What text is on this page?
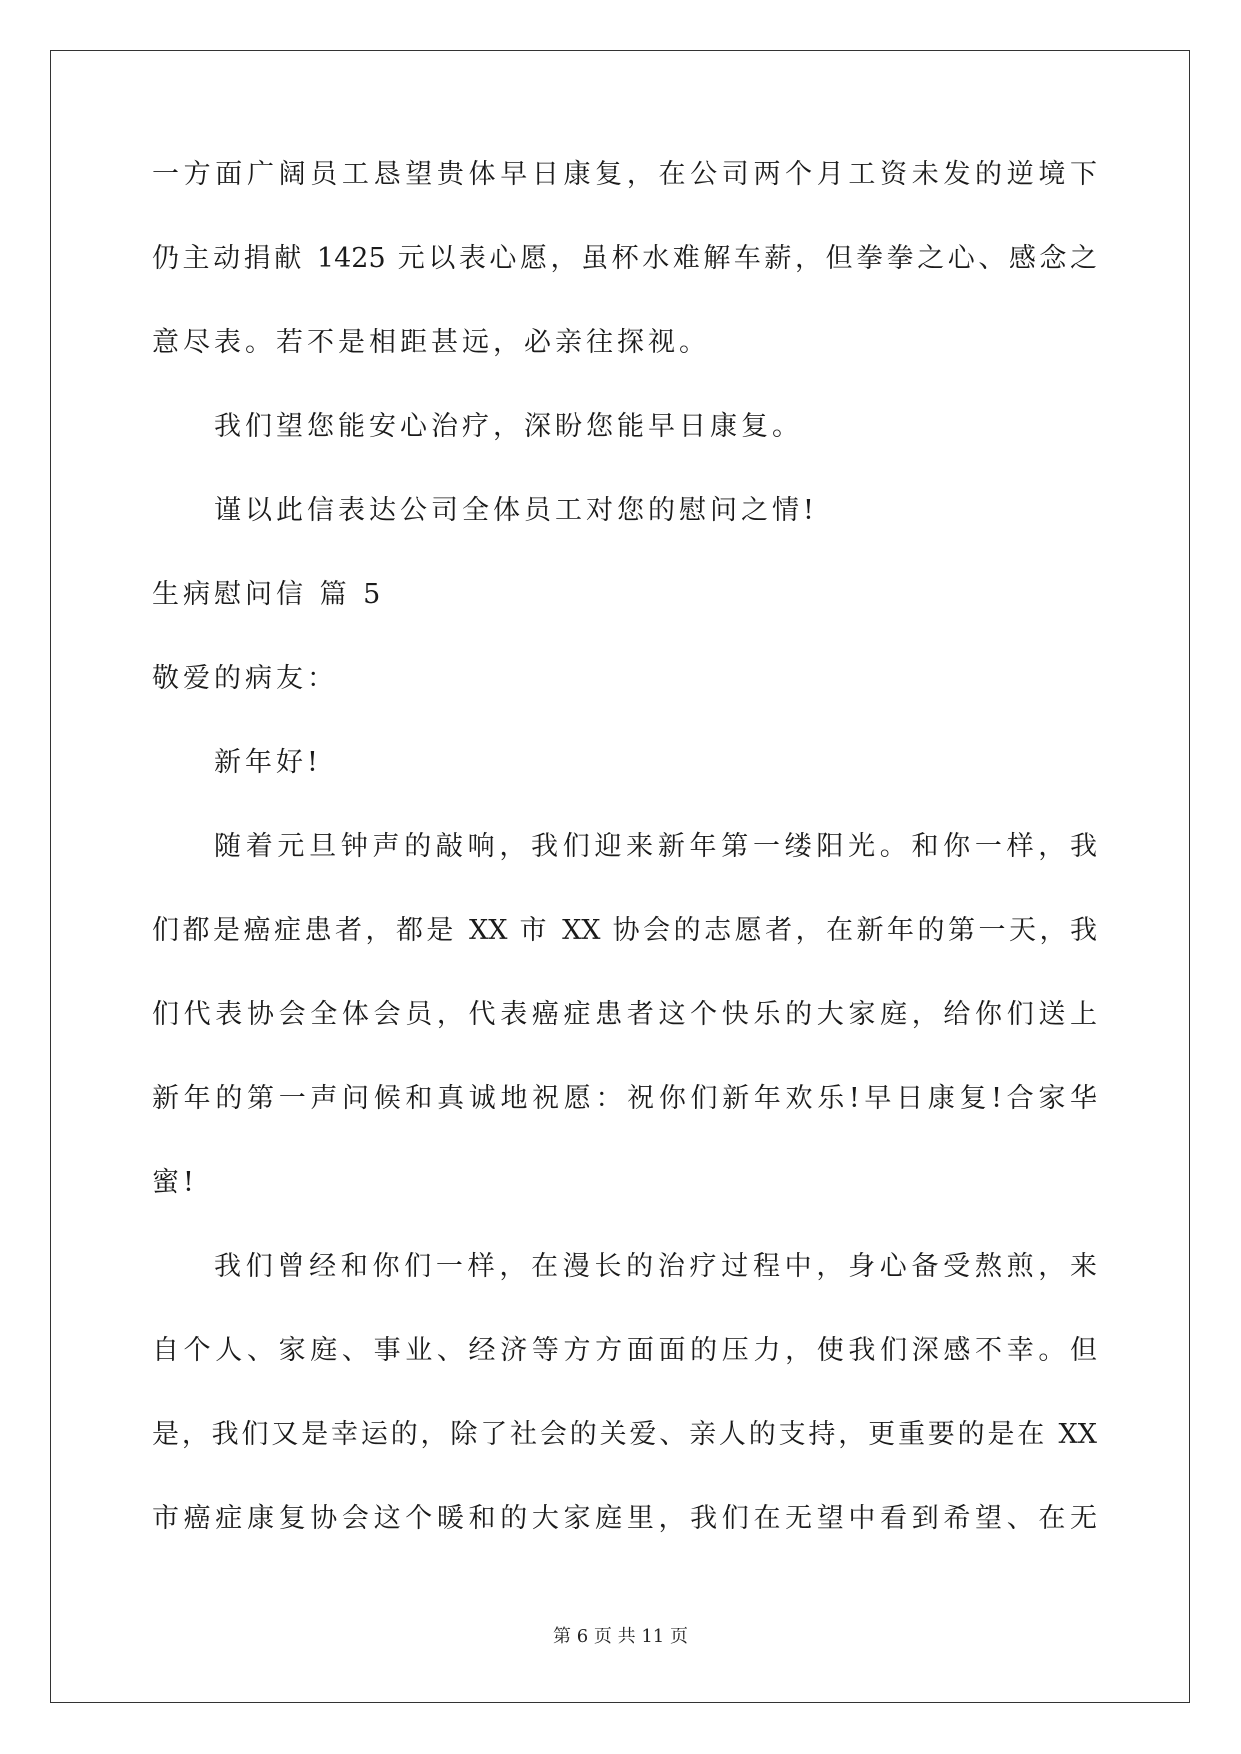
一方面广阔员工恳望贵体早日康复，在公司两个月工资未发的逆境下
仍主动捐献 1425 元以表心愿，虽杯水难解车薪，但拳拳之心、感念之
意尽表。若不是相距甚远，必亲往探视。
我们望您能安心治疗，深盼您能早日康复。
谨以此信表达公司全体员工对您的慰问之情!
生病慰问信 篇 5
敬爱的病友：
新年好!
随着元旦钟声的敲响，我们迎来新年第一缕阳光。和你一样，我
们都是癌症患者，都是 XX 市 XX 协会的志愿者，在新年的第一天，我
们代表协会全体会员，代表癌症患者这个快乐的大家庭，给你们送上
新年的第一声问候和真诚地祝愿：祝你们新年欢乐!早日康复!合家华
蜜!
我们曾经和你们一样，在漫长的治疗过程中，身心备受熬煎，来
自个人、家庭、事业、经济等方方面面的压力，使我们深感不幸。但
是，我们又是幸运的，除了社会的关爱、亲人的支持，更重要的是在 XX
市癌症康复协会这个暖和的大家庭里，我们在无望中看到希望、在无
第 6 页 共 11 页
